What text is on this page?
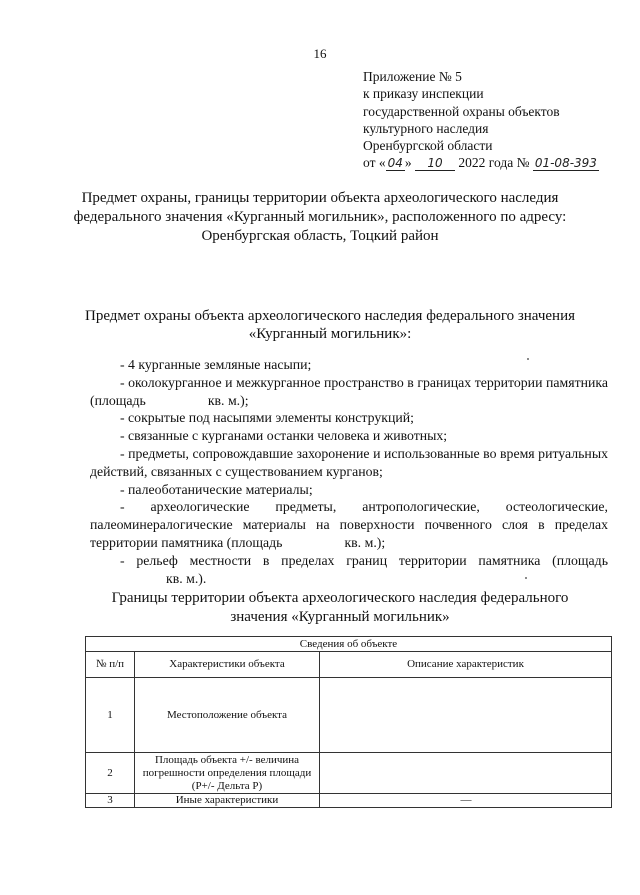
16
Приложение № 5
к приказу инспекции
государственной охраны объектов
культурного наследия
Оренбургской области
от « 04 » 10 2022 года № 01-08-393
Предмет охраны, границы территории объекта археологического наследия
федерального значения «Курганный могильник», расположенного по адресу:
Оренбургская область, Тоцкий район
Предмет охраны объекта археологического наследия федерального значения
«Курганный могильник»:

- 4 курганные земляные насыпи;

- околокурганное и межкурганное пространство в границах территории памятника (площадь	кв. м.);

- сокрытые под насыпями элементы конструкций;

- связанные с курганами останки человека и животных;

- предметы, сопровождавшие захоронение и использованные во время ритуальных действий, связанных с существованием курганов;

- палеоботанические материалы;

- археологические предметы, антропологические, остеологические, палеоминералогические материалы на поверхности почвенного слоя в пределах территории памятника (площадь	кв. м.);

- рельеф местности в пределах границ территории памятника (площадькв. м.).

Границы территории объекта археологического наследия федерального
значения «Курганный могильник»
Сведения об объекте		
№ п/п	Характеристики объекта	Описание характеристик
1	Местоположение объекта	
2	Площадь объекта +/- величина погрешности определения площади (P+/- Дельта P)	
3	Иные характеристики	—
